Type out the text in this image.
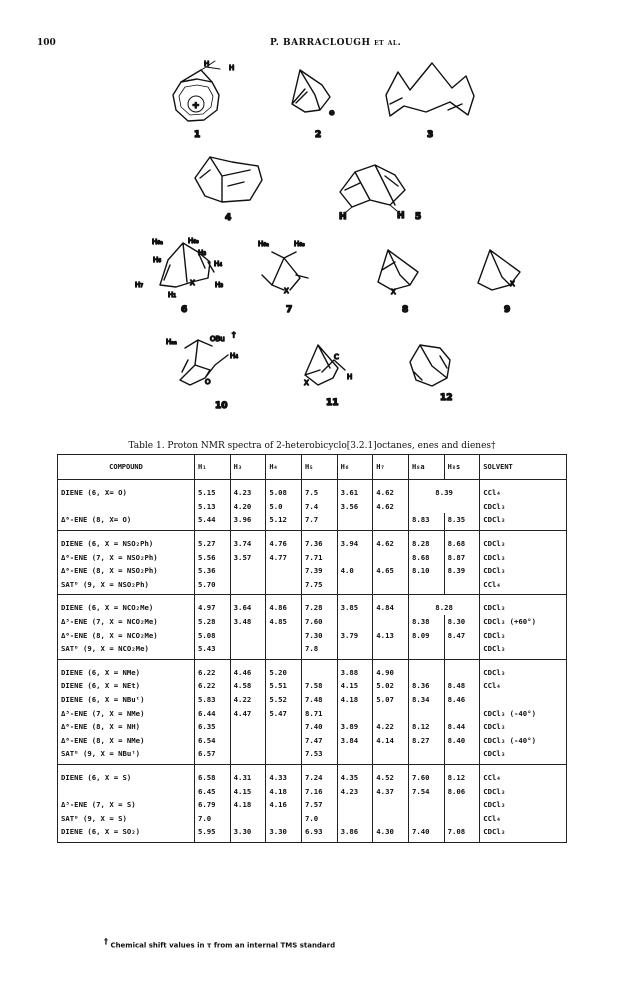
100	P. BARRACLOUGH et al.
H	H
+
1
⊖
2	3
4	H	H 5
H₆ₐ	H₆ₛ
H₃
H₆	H₄
H₇	X	H₃
H₁
6
H₆ₐ	H₆ₛ
X
7
X
8
X
9
Hₐₐ	OBu †
H₄
O
10
X
C
H
11	12
Table 1. Proton NMR spectra of 2-heterobicyclo[3.2.1]octanes, enes and dienes†
COMPOUND	H₁	H₃	H₄	H₅	H₆	H₇	H₈a	H₈s	SOLVENT
DIENE (6, X= O)	5.15	4.23	5.08	7.5	3.61	4.62	8.39		CCl₄
	5.13	4.20	5.0	7.4	3.56	4.62			CDCl₃
Δ⁶-ENE (8, X= O)	5.44	3.96	5.12	7.7			8.83	8.35	CDCl₃
DIENE (6, X = NSO₂Ph)	5.27	3.74	4.76	7.36	3.94	4.62	8.28	8.68	CDCl₃
Δ⁶-ENE (7, X = NSO₂Ph)	5.56	3.57	4.77	7.71			8.68	8.87	CDCl₃
Δ⁶-ENE (8, X = NSO₂Ph)	5.36			7.39	4.0	4.65	8.10	8.39	CDCl₃
SATᴰ (9, X = NSO₂Ph)	5.70			7.75					CCl₄
DIENE (6, X = NCO₂Me)	4.97	3.64	4.86	7.28	3.85	4.84	8.28		CDCl₃
Δ³-ENE (7, X = NCO₂Me)	5.28	3.48	4.85	7.60			8.38	8.30	CDCl₃ (+60°)
Δ⁶-ENE (8, X = NCO₂Me)	5.08			7.30	3.79	4.13	8.09	8.47	CDCl₃
SATᴰ (9, X = NCO₂Me)	5.43			7.8					CDCl₃
DIENE (6, X = NMe)	6.22	4.46	5.20		3.88	4.90			CDCl₃
DIENE (6, X = NEt)	6.22	4.58	5.51	7.58	4.15	5.02	8.36	8.48	CCl₄
DIENE (6, X = NBuᵗ)	5.83	4.22	5.52	7.48	4.18	5.07	8.34	8.46	
Δ³-ENE (7, X = NMe)	6.44	4.47	5.47	8.71					CDCl₃ (-40°)
Δ⁶-ENE (8, X = NH)	6.35			7.40	3.89	4.22	8.12	8.44	CDCl₃
Δ⁶-ENE (8, X = NMe)	6.54			7.47	3.84	4.14	8.27	8.40	CDCl₃ (-40°)
SATᴰ (9, X = NBuᵗ)	6.57			7.53					CDCl₃
DIENE (6, X = S)	6.58	4.31	4.33	7.24	4.35	4.52	7.60	8.12	CCl₄
	6.45	4.15	4.18	7.16	4.23	4.37	7.54	8.06	CDCl₃
Δ³-ENE (7, X = S)	6.79	4.18	4.16	7.57					CDCl₃
SATᴰ (9, X = S)	7.0			7.0					CCl₄
DIENE (6, X = SO₂)	5.95	3.30	3.30	6.93	3.86	4.30	7.40	7.08	CDCl₃
† Chemical shift values in τ from an internal TMS standard
